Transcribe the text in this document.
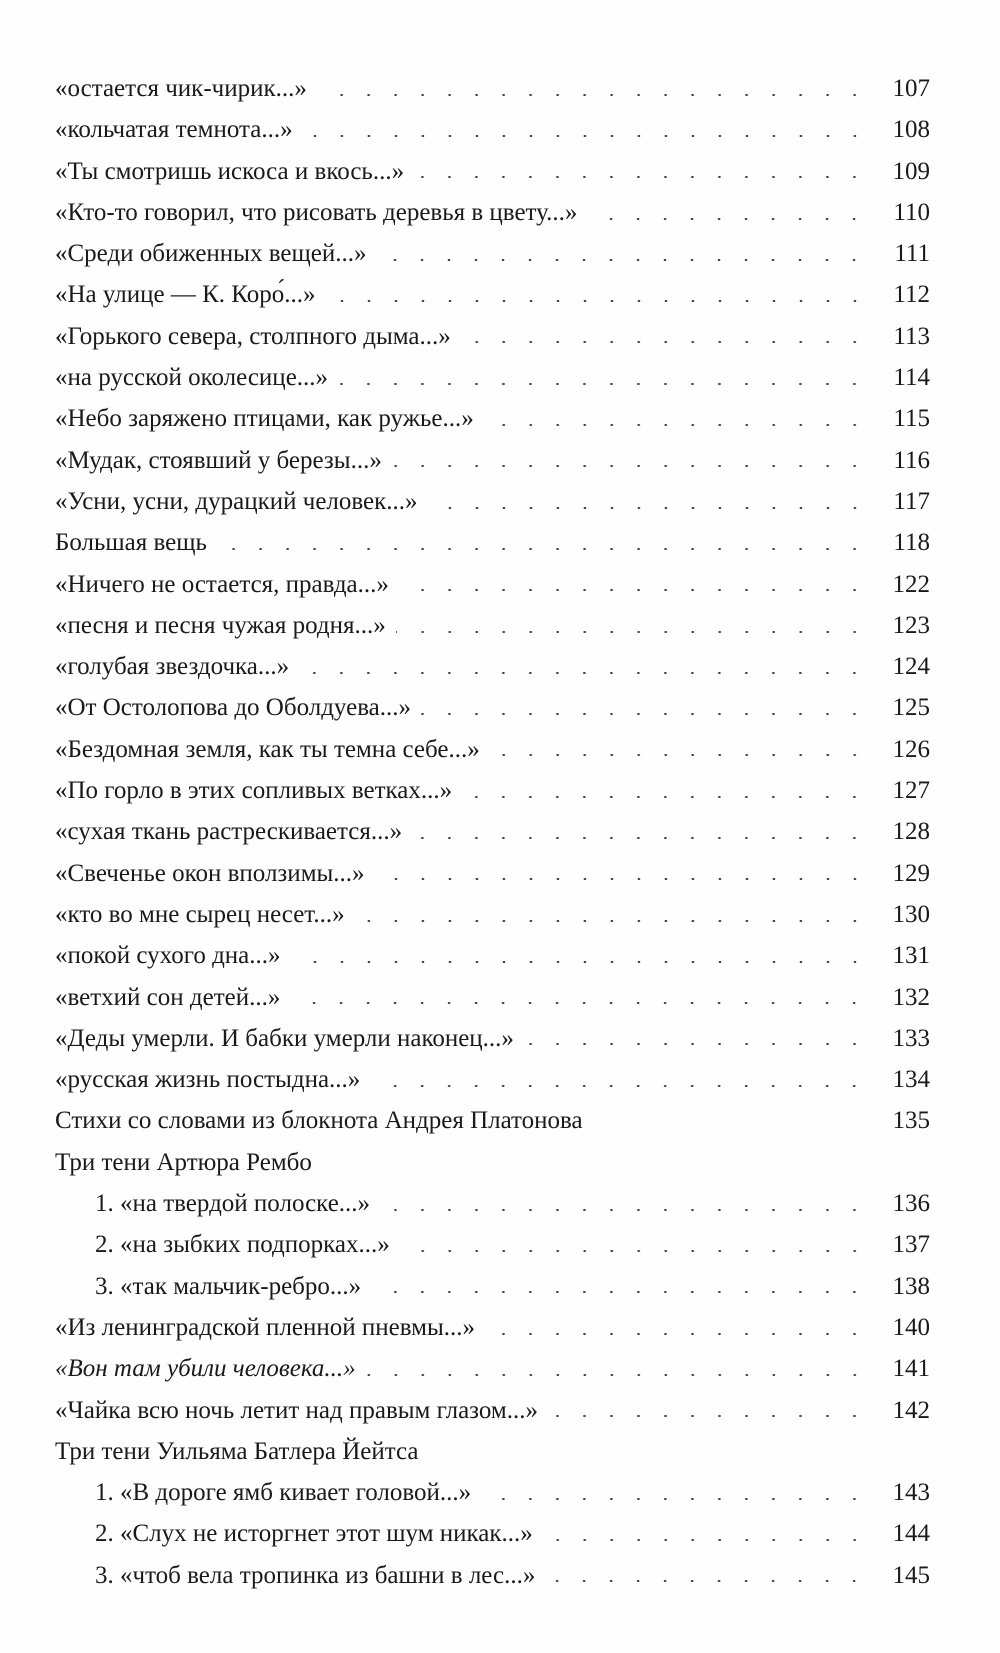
«остается чик-чирик...»	107
«кольчатая темнота...»	108
«Ты смотришь искоса и вкось...»	109
«Кто-то говорил, что рисовать деревья в цвету...»	110
«Среди обиженных вещей...»	111
«На улице — К. Коро́...»	112
«Горького севера, столпного дыма...»	113
«на русской околесице...»	114
«Небо заряжено птицами, как ружье...»	115
«Мудак, стоявший у березы...»	116
«Усни, усни, дурацкий человек...»	117
Большая вещь	118
«Ничего не остается, правда...»	122
«песня и песня чужая родня...»	123
«голубая звездочка...»	124
«От Остолопова до Оболдуева...»	125
«Бездомная земля, как ты темна себе...»	126
«По горло в этих сопливых ветках...»	127
«сухая ткань растрескивается...»	128
«Свеченье окон вползимы...»	129
«кто во мне сырец несет...»	130
«покой сухого дна...»	131
«ветхий сон детей...»	132
«Деды умерли. И бабки умерли наконец...»	133
«русская жизнь постыдна...»	134
Стихи со словами из блокнота Андрея Платонова	135
Три тени Артюра Рембо
1. «на твердой полоске...»	136
2. «на зыбких подпорках...»	137
3. «так мальчик-ребро...»	138
«Из ленинградской пленной пневмы...»	140
«Вон там убили человека...»	141
«Чайка всю ночь летит над правым глазом...»	142
Три тени Уильяма Батлера Йейтса
1. «В дороге ямб кивает головой...»	143
2. «Слух не исторгнет этот шум никак...»	144
3. «чтоб вела тропинка из башни в лес...»	145
